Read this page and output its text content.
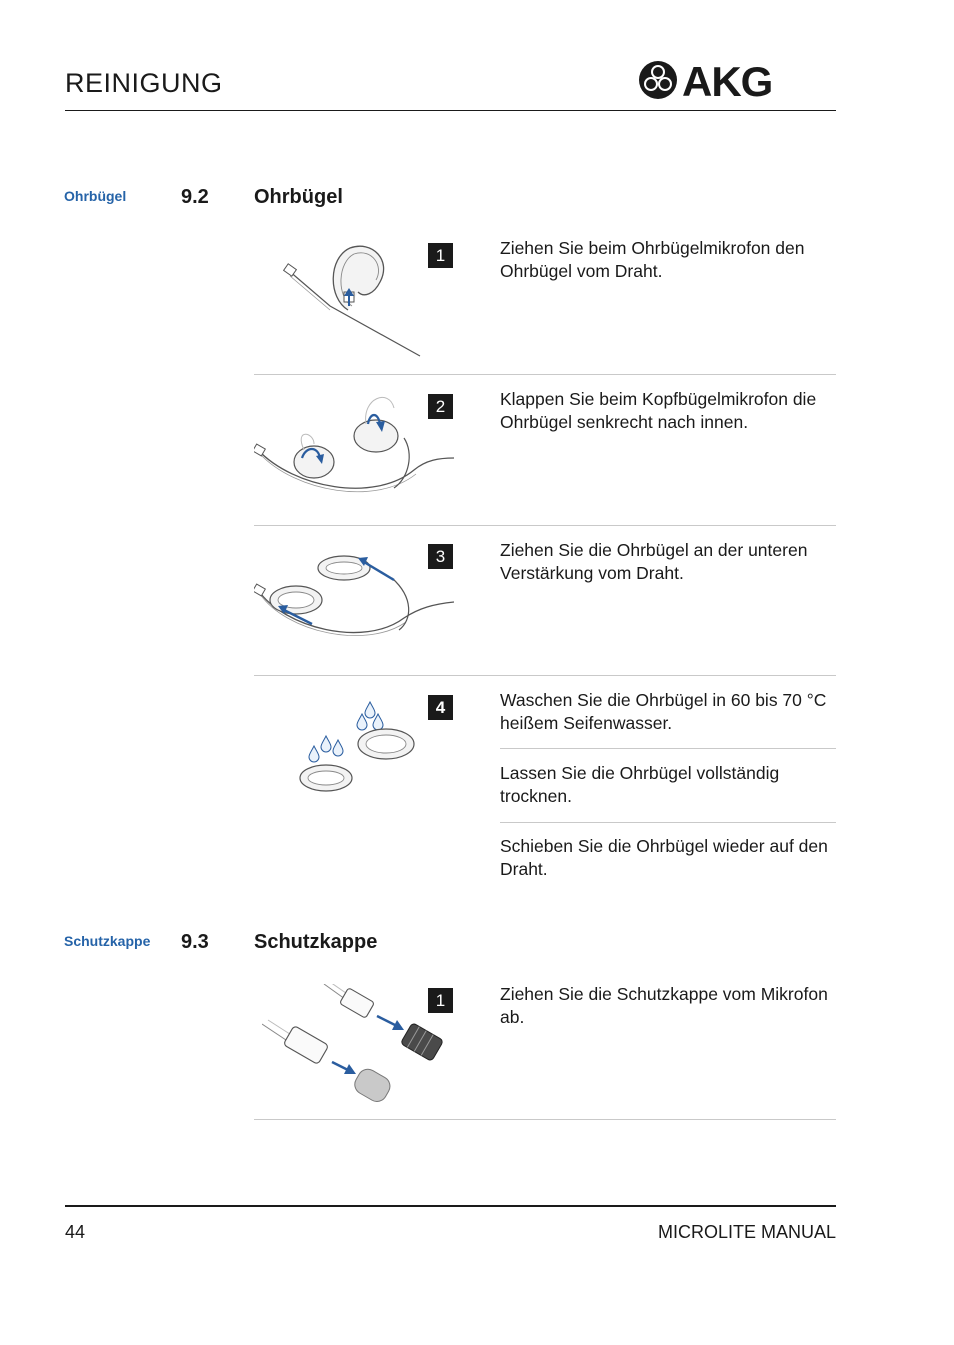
REINIGUNG	AKG
Ohrbügel	9.2 Ohrbügel
1	Ziehen Sie beim Ohrbügelmikrofon den Ohrbügel vom Draht.
2	Klappen Sie beim Kopfbügelmikrofon die Ohrbügel senkrecht nach innen.
3	Ziehen Sie die Ohrbügel an der unteren Verstärkung vom Draht.
4	Waschen Sie die Ohrbügel in 60 bis 70 °C heißem Seifenwasser.
Lassen Sie die Ohrbügel vollständig trocknen.
Schieben Sie die Ohrbügel wieder auf den Draht.
Schutzkappe 9.3 Schutzkappe
1	Ziehen Sie die Schutzkappe vom Mikrofon ab.
44	MICROLITE MANUAL
